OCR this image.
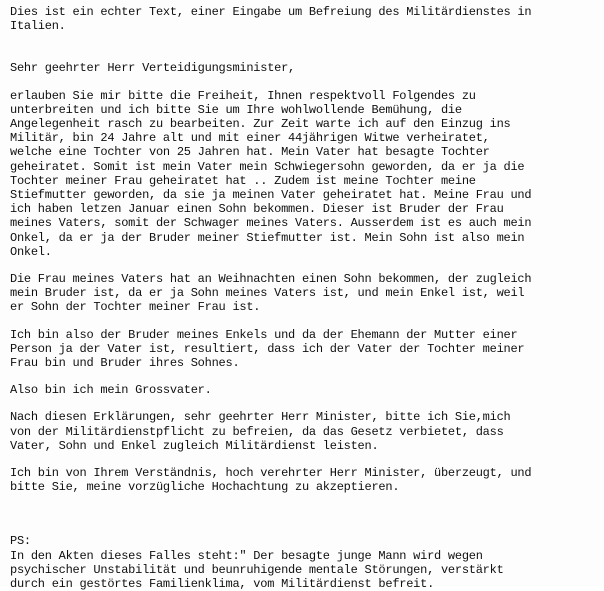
Dies ist ein echter Text, einer Eingabe um Befreiung des Militärdienstes in
Italien.
Sehr geehrter Herr Verteidigungsminister,
erlauben Sie mir bitte die Freiheit, Ihnen respektvoll Folgendes zu
unterbreiten und ich bitte Sie um Ihre wohlwollende Bemühung, die
Angelegenheit rasch zu bearbeiten. Zur Zeit warte ich auf den Einzug ins
Militär, bin 24 Jahre alt und mit einer 44jährigen Witwe verheiratet,
welche eine Tochter von 25 Jahren hat. Mein Vater hat besagte Tochter
geheiratet. Somit ist mein Vater mein Schwiegersohn geworden, da er ja die
Tochter meiner Frau geheiratet hat .. Zudem ist meine Tochter meine
Stiefmutter geworden, da sie ja meinen Vater geheiratet hat. Meine Frau und
ich haben letzen Januar einen Sohn bekommen. Dieser ist Bruder der Frau
meines Vaters, somit der Schwager meines Vaters. Ausserdem ist es auch mein
Onkel, da er ja der Bruder meiner Stiefmutter ist. Mein Sohn ist also mein
Onkel.
Die Frau meines Vaters hat an Weihnachten einen Sohn bekommen, der zugleich
mein Bruder ist, da er ja Sohn meines Vaters ist, und mein Enkel ist, weil
er Sohn der Tochter meiner Frau ist.
Ich bin also der Bruder meines Enkels und da der Ehemann der Mutter einer
Person ja der Vater ist, resultiert, dass ich der Vater der Tochter meiner
Frau bin und Bruder ihres Sohnes.
Also bin ich mein Grossvater.
Nach diesen Erklärungen, sehr geehrter Herr Minister, bitte ich Sie,mich
von der Militärdienstpflicht zu befreien, da das Gesetz verbietet, dass
Vater, Sohn und Enkel zugleich Militärdienst leisten.
Ich bin von Ihrem Verständnis, hoch verehrter Herr Minister, überzeugt, und
bitte Sie, meine vorzügliche Hochachtung zu akzeptieren.
PS:
In den Akten dieses Falles steht:" Der besagte junge Mann wird wegen
psychischer Unstabilität und beunruhigende mentale Störungen, verstärkt
durch ein gestörtes Familienklima, vom Militärdienst befreit.
